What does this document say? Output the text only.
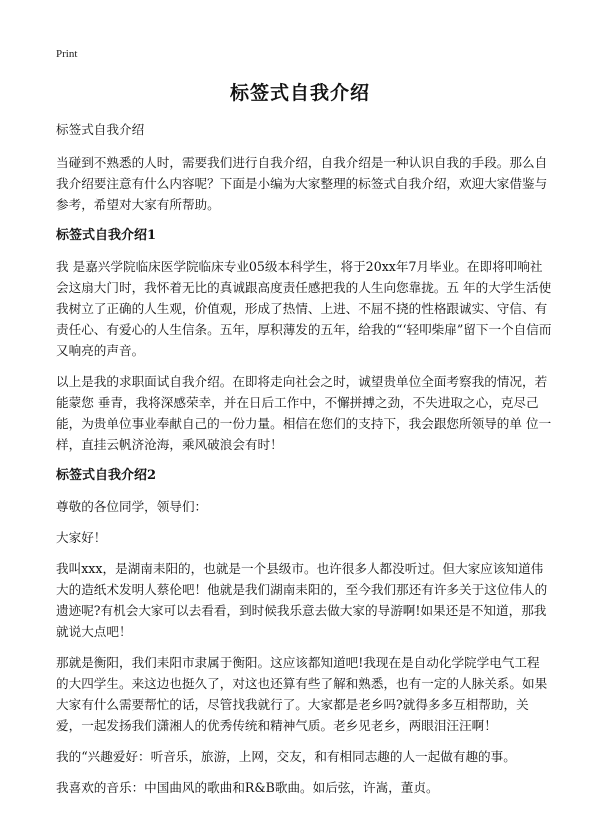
Print
标签式自我介绍

标签式自我介绍

当碰到不熟悉的人时，需要我们进行自我介绍，自我介绍是一种认识自我的手段。那么自我介绍要注意有什么内容呢？下面是小编为大家整理的标签式自我介绍，欢迎大家借鉴与参考，希望对大家有所帮助。

标签式自我介绍1

我 是嘉兴学院临床医学院临床专业05级本科学生，将于20xx年7月毕业。在即将叩响社会这扇大门时，我怀着无比的真诚跟高度责任感把我的人生向您靠拢。五 年的大学生活使我树立了正确的人生观，价值观，形成了热情、上进、不屈不挠的性格跟诚实、守信、有责任心、有爱心的人生信条。五年，厚积薄发的五年，给我的“‘轻叩柴扉”留下一个自信而又响亮的声音。

以上是我的求职面试自我介绍。在即将走向社会之时，诚望贵单位全面考察我的情况，若能蒙您 垂青，我将深感荣幸，并在日后工作中，不懈拼搏之劲，不失进取之心，克尽己能，为贵单位事业奉献自己的一份力量。相信在您们的支持下，我会跟您所领导的单 位一样，直挂云帆济沧海，乘风破浪会有时！

标签式自我介绍2

尊敬的各位同学，领导们：

大家好！

我叫xxx，是湖南耒阳的，也就是一个县级市。也许很多人都没听过。但大家应该知道伟大的造纸术发明人蔡伦吧！他就是我们湖南耒阳的，至今我们那还有许多关于这位伟人的遗迹呢?有机会大家可以去看看，到时候我乐意去做大家的导游啊!如果还是不知道，那我就说大点吧！

那就是衡阳，我们耒阳市隶属于衡阳。这应该都知道吧!我现在是自动化学院学电气工程的大四学生。来这边也挺久了，对这也还算有些了解和熟悉，也有一定的人脉关系。如果大家有什么需要帮忙的话，尽管找我就行了。大家都是老乡吗?就得多多互相帮助，关爱，一起发扬我们潇湘人的优秀传统和精神气质。老乡见老乡，两眼泪汪汪啊！

我的“兴趣爱好：听音乐，旅游，上网，交友，和有相同志趣的人一起做有趣的事。

我喜欢的音乐：中国曲风的歌曲和R&B歌曲。如后弦，许嵩，董贞。
